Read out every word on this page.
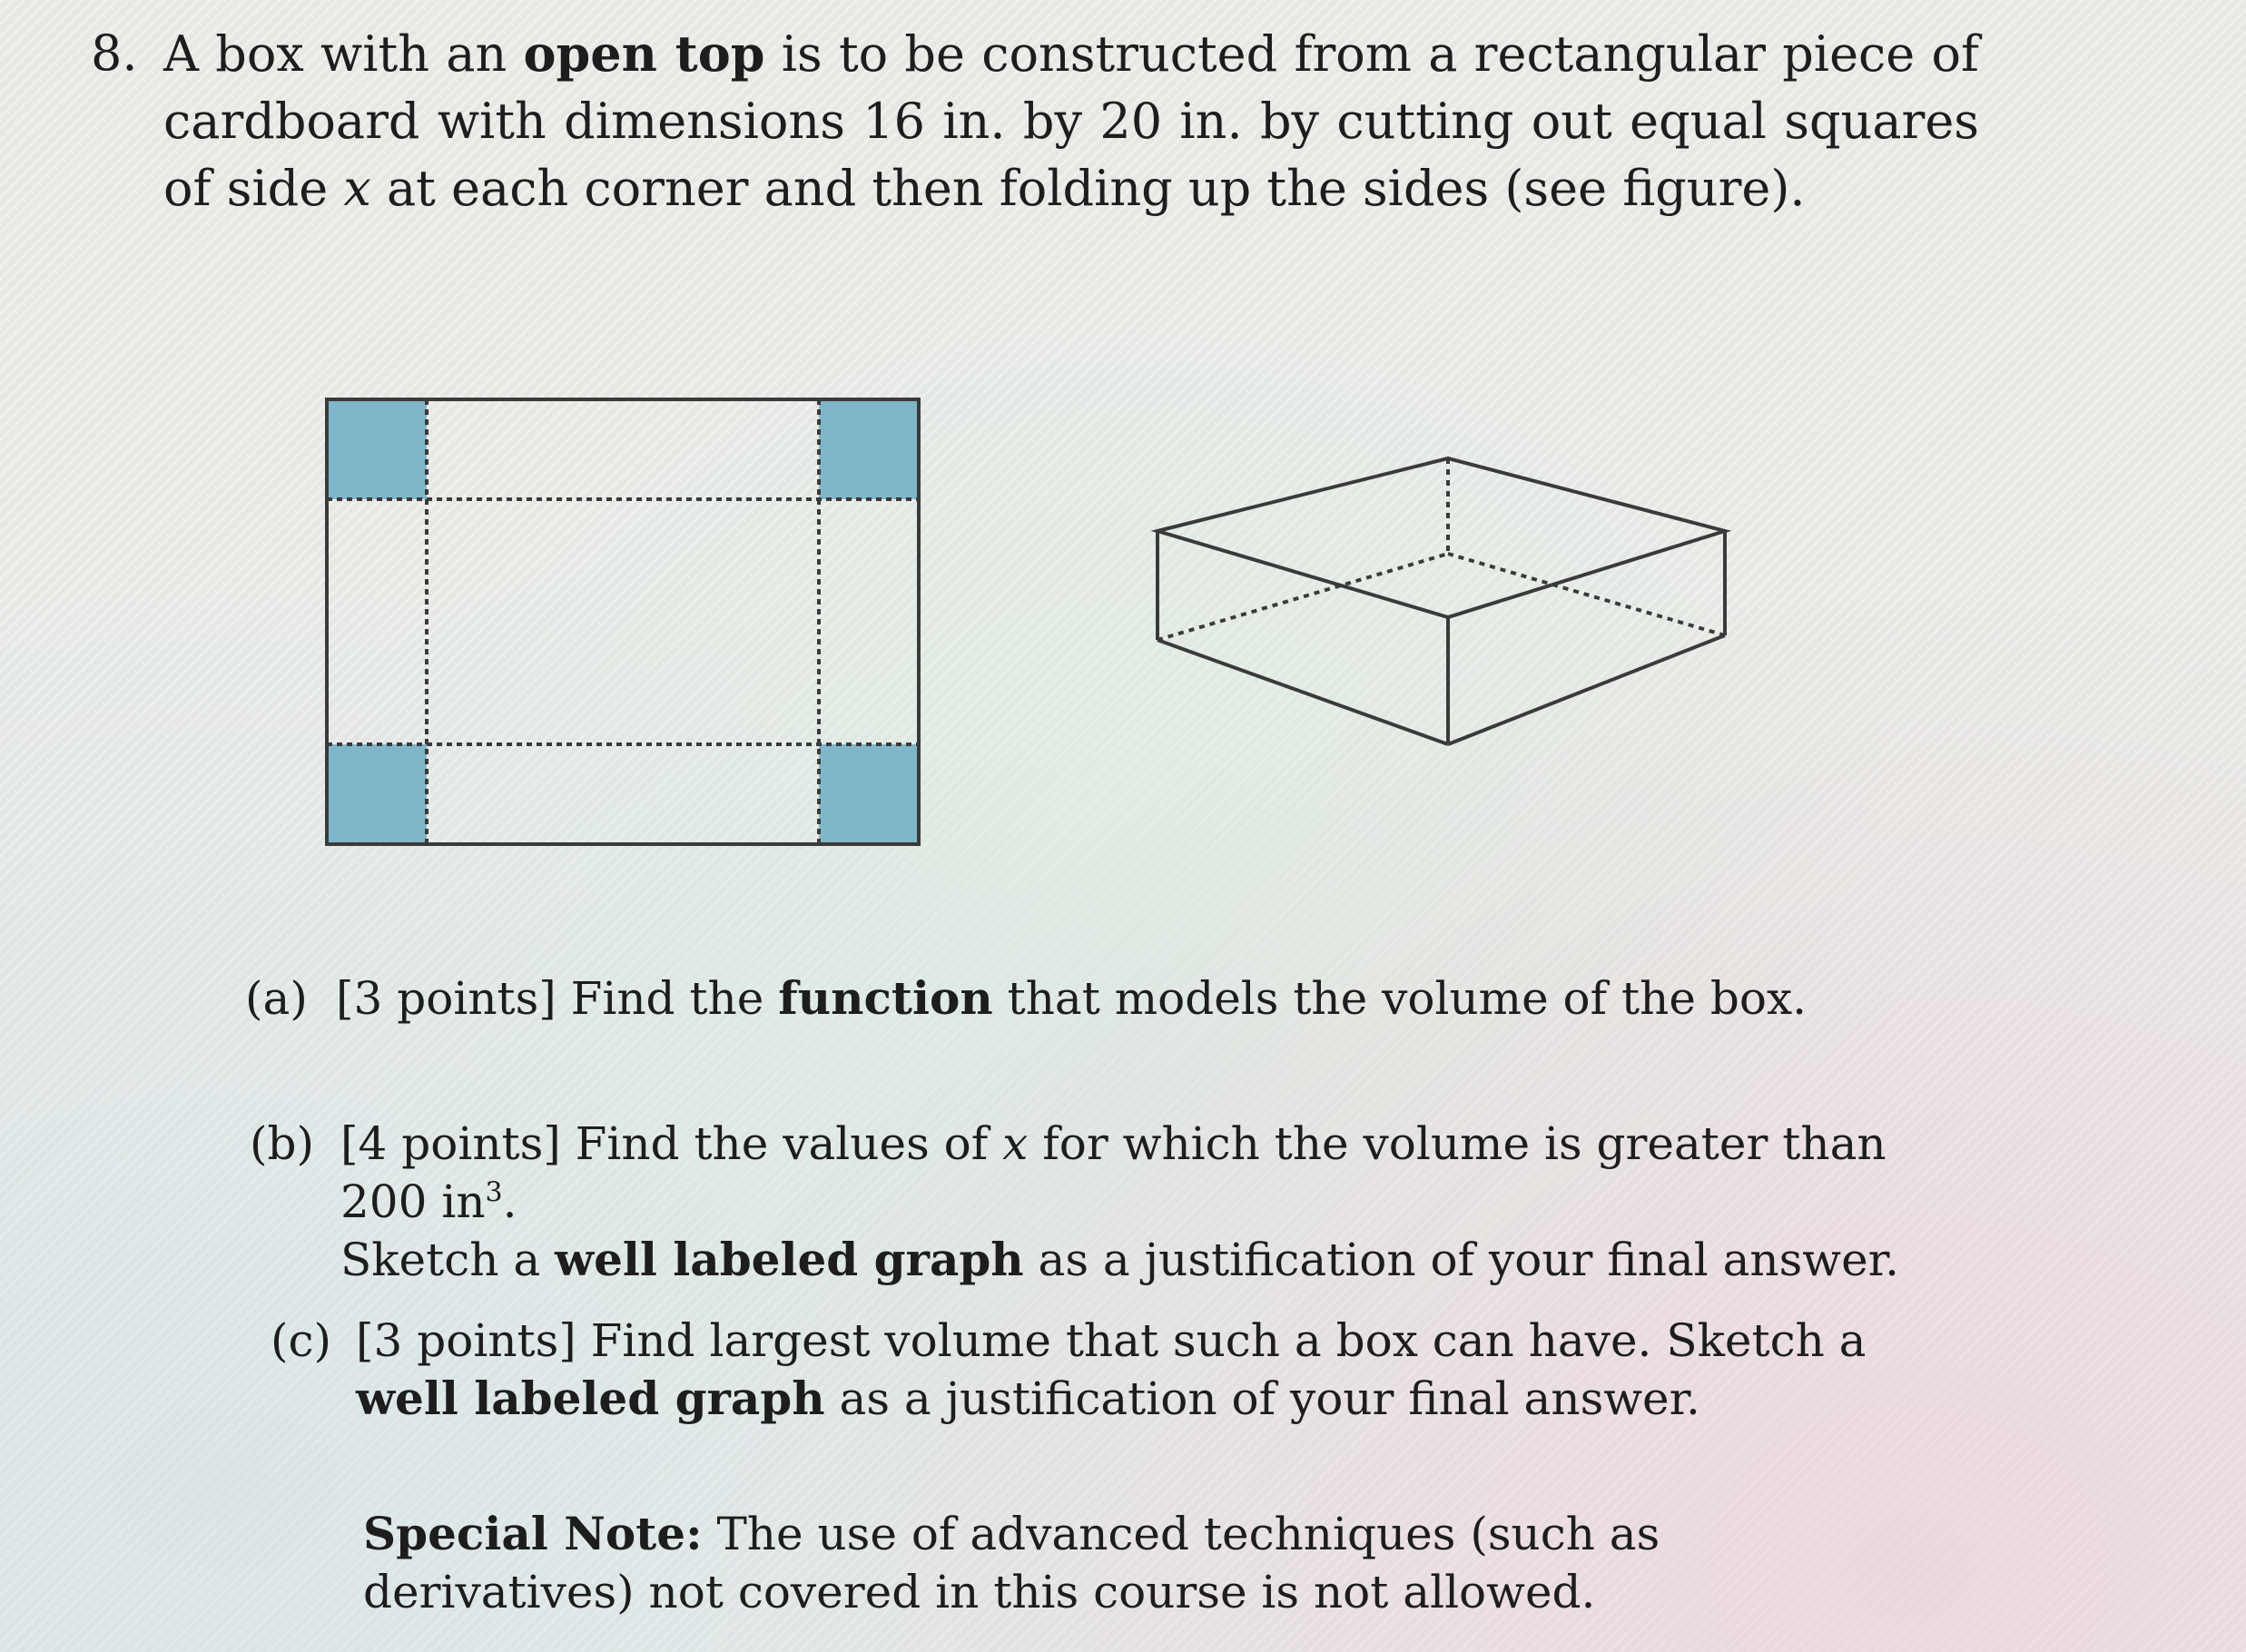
8. A box with an open top is to be constructed from a rectangular piece of cardboard with dimensions 16 in. by 20 in. by cutting out equal squares of side x at each corner and then folding up the sides (see figure).
(a) [3 points] Find the function that models the volume of the box.
(b) [4 points] Find the values of x for which the volume is greater than 200 $in^3$.
Sketch a well labeled graph as a justification of your final answer.
(c) [3 points] Find largest volume that such a box can have. Sketch a well labeled graph as a justification of your final answer.
Special Note: The use of advanced techniques (such as derivatives) not covered in this course is not allowed.
